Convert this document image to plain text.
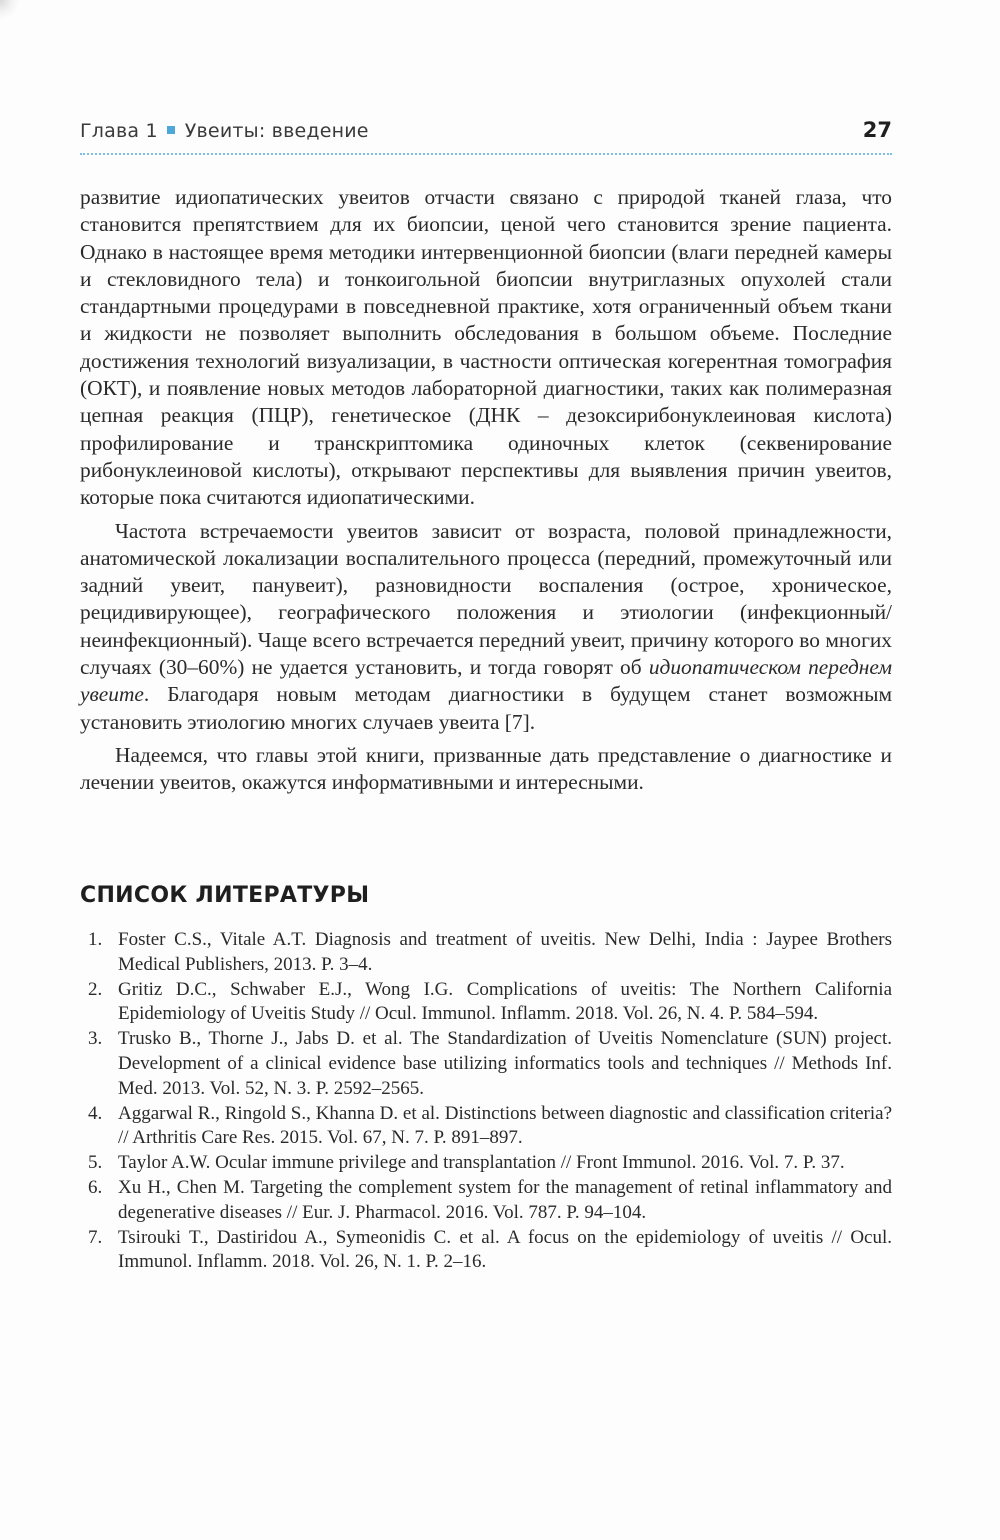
Глава 1 Увеиты: введение	27

развитие идиопатических увеитов отчасти связано с природой тканей глаза, что становится препятствием для их биопсии, ценой чего становится зрение пациента. Однако в настоящее время методики интервенционной биопсии (влаги передней камеры и стекловидного тела) и тонкоигольной биопсии внутриглазных опухолей стали стандартными процедурами в повседневной практике, хотя ограниченный объем ткани и жидкости не позволяет выполнить обследования в большом объеме. Последние достижения технологий визуализации, в частности оптическая когерентная томография (ОКТ), и появление новых методов лабораторной диагностики, таких как полимеразная цепная реакция (ПЦР), генетическое (ДНК – дезоксирибонуклеиновая кислота) профилирование и транскриптомика одиночных клеток (секвенирование рибонуклеиновой кислоты), открывают перспективы для выявления причин увеитов, которые пока считаются идиопатическими.

Частота встречаемости увеитов зависит от возраста, половой принадлежности, анатомической локализации воспалительного процесса (передний, промежуточный или задний увеит, панувеит), разновидности воспаления (острое, хроническое, рецидивирующее), географического положения и этиологии (инфекционный/неинфекционный). Чаще всего встречается передний увеит, причину которого во многих случаях (30–60%) не удается установить, и тогда говорят об идиопатическом переднем увеите. Благодаря новым методам диагностики в будущем станет возможным установить этиологию многих случаев увеита [7].

Надеемся, что главы этой книги, призванные дать представление о диагностике и лечении увеитов, окажутся информативными и интересными.

СПИСОК ЛИТЕРАТУРЫ
1. Foster C.S., Vitale A.T. Diagnosis and treatment of uveitis. New Delhi, India : Jaypee Brothers Medical Publishers, 2013. P. 3–4.
2. Gritiz D.C., Schwaber E.J., Wong I.G. Complications of uveitis: The Northern California Epidemiology of Uveitis Study // Ocul. Immunol. Inflamm. 2018. Vol. 26, N. 4. P. 584–594.
3. Trusko B., Thorne J., Jabs D. et al. The Standardization of Uveitis Nomenclature (SUN) project. Development of a clinical evidence base utilizing informatics tools and techniques // Methods Inf. Med. 2013. Vol. 52, N. 3. P. 2592–2565.
4. Aggarwal R., Ringold S., Khanna D. et al. Distinctions between diagnostic and classification criteria? // Arthritis Care Res. 2015. Vol. 67, N. 7. P. 891–897.
5. Taylor A.W. Ocular immune privilege and transplantation // Front Immunol. 2016. Vol. 7. P. 37.
6. Xu H., Chen M. Targeting the complement system for the management of retinal inflammatory and degenerative diseases // Eur. J. Pharmacol. 2016. Vol. 787. P. 94–104.
7. Tsirouki T., Dastiridou A., Symeonidis C. et al. A focus on the epidemiology of uveitis // Ocul. Immunol. Inflamm. 2018. Vol. 26, N. 1. P. 2–16.
